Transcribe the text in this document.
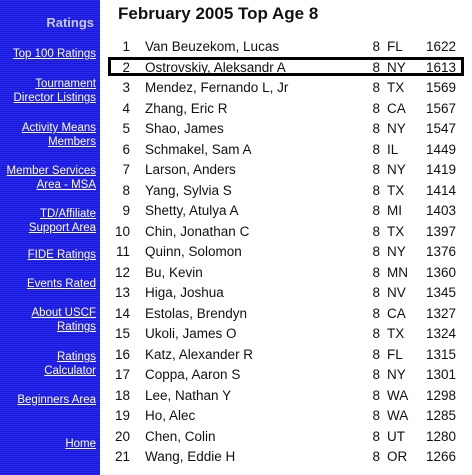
Ratings
Top 100 Ratings
Tournament
Director Listings
Activity Means
Members
Member Services
Area - MSA
TD/Affiliate
Support Area
FIDE Ratings
Events Rated
About USCF
Ratings
Ratings
Calculator
Beginners Area
Home
February 2005 Top Age 8
1 Van Beuzekom, Lucas	8 FL	1622
2 Ostrovskiy, Aleksandr A	8 NY	1613
3 Mendez, Fernando L, Jr	8 TX	1569
4 Zhang, Eric R	8 CA	1567
5 Shao, James	8 NY	1547
6 Schmakel, Sam A	8 IL	1449
7 Larson, Anders	8 NY	1419
8 Yang, Sylvia S	8 TX	1414
9 Shetty, Atulya A	8 MI	1403
10 Chin, Jonathan C	8 TX	1397
11 Quinn, Solomon	8 NY	1376
12 Bu, Kevin	8 MN	1360
13 Higa, Joshua	8 NV	1345
14 Estolas, Brendyn	8 CA	1327
15 Ukoli, James O	8 TX	1324
16 Katz, Alexander R	8 FL	1315
17 Coppa, Aaron S	8 NY	1301
18 Lee, Nathan Y	8 WA	1298
19 Ho, Alec	8 WA	1285
20 Chen, Colin	8 UT	1280
21 Wang, Eddie H	8 OR	1266
